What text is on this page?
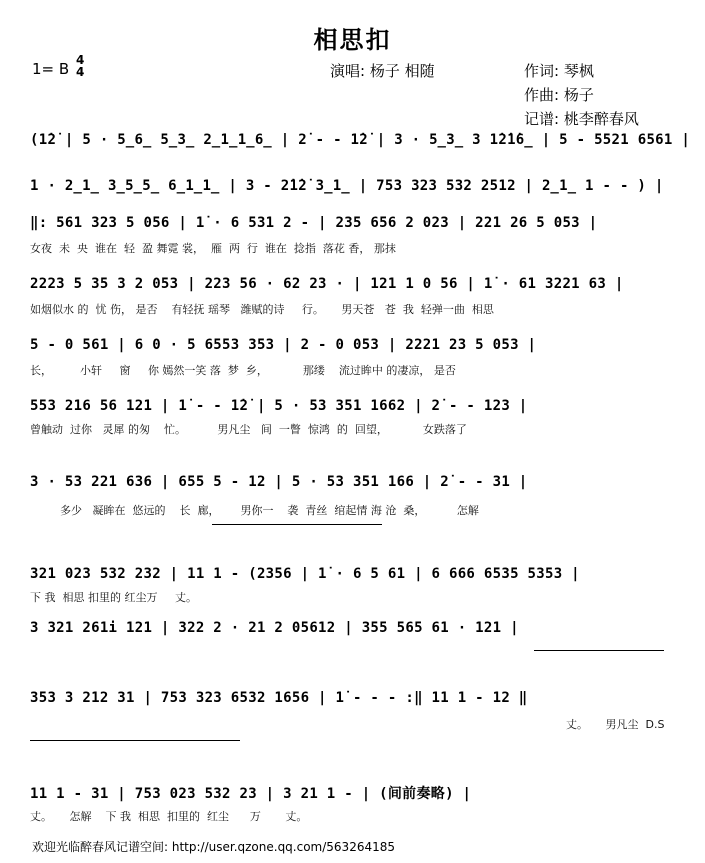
相思扣
1= B 4
4	演唱: 杨子 相随	作词: 琴枫
作曲: 杨子
记谱: 桃李醉春风
(1̇2̇ | 5 · 5̲6̲ 5̲3̲ 2̲1̲1̲6̲ | 2̇ - - 1̇2̇ | 3 · 5̲3̲ 3 1̇2̇1̇6̲ | 5 - 5521 6561 |
1 · 2̲1̲ 3̲5̲5̲ 6̲1̲1̲ | 3 - 2̇1̇2̇ 3̲1̲ | 753 323 532 2512 | 2̲1̲ 1 - - ) |
‖: 561 323 5 056 | 1̇ · 6 531 2 - | 235 656 2 023 | 221 26 5 053 |
女夜  未  央  谁在  轻  盈 舞霓 裳，  雁  两  行  谁在  捻指  落花 香， 那抹
2223 5 35 3 2 053 | 223 56 · 62 23 · | 121 1 0 56 | 1̇ · 61 3221 63 |
如烟似水 的  忧 伤， 是否    有轻抚 瑶琴   潍赋的诗     行。     男天苍   苍  我  轻弹一曲  相思
5 - 0 561 | 6 0 · 5 6553 353 | 2 - 0 053 | 2221 23 5 053 |
长，        小轩     窗     你 嫣然一笑 落  梦  乡，          那缕    流过眸中 的凄凉， 是否
553 216 56 121 | 1̇ - - 1̇2̇ | 5 · 53 351 1662 | 2̇ - - 123 |
曾触动  过你   灵犀 的匆    忙。         男凡尘   间  一瞥  惊鸿  的  回望，          女跌落了
3 · 53 221 636 | 655 5 - 12 | 5 · 53 351 166 | 2̇ - - 31 |
多少   凝眸在  悠远的    长  廊，      男你一    袭  青丝  绾起情 海 沧  桑，         怎解
321 023 532 232 | 11 1 - (2356 | 1̇ · 6 5 61 | 6 666 6535 5353 |
下 我  相思 扣里的 红尘万     丈。
3 321 261i 121 | 322 2 · 21 2 05612 | 355 565 61 · 121 |
353 3 212 31 | 753 323 6532 1656 | 1̇ - - - :‖ 11 1 - 12 ‖
丈。     男凡尘  D.S
11 1 - 31 | 753 023 532 23 | 3 21 1 - | (间前奏略) |
丈。     怎解    下 我  相思  扣里的  红尘      万       丈。
欢迎光临醉春风记谱空间: http://user.qzone.qq.com/563264185
